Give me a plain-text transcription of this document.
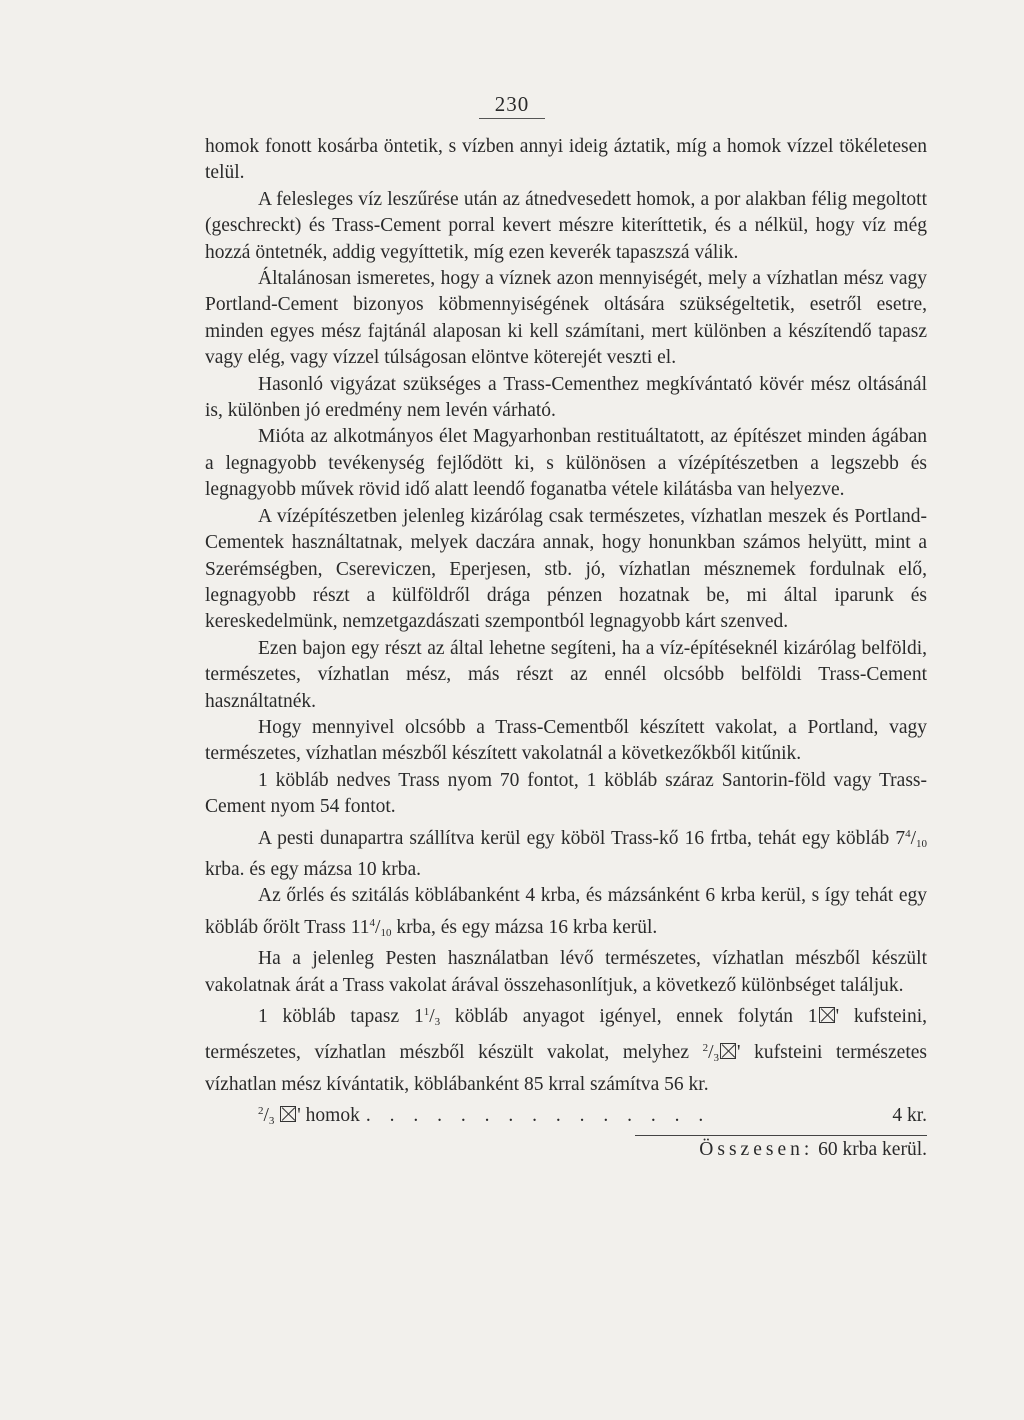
230

homok fonott kosárba öntetik, s vízben annyi ideig áztatik, míg a homok vízzel tökéletesen telül.

A felesleges víz leszűrése után az átnedvesedett homok, a por alakban félig megoltott (geschreckt) és Trass-Cement porral kevert mészre kiteríttetik, és a nélkül, hogy víz még hozzá öntetnék, addig vegyíttetik, míg ezen keverék tapaszszá válik.

Általánosan ismeretes, hogy a víznek azon mennyiségét, mely a vízhatlan mész vagy Portland-Cement bizonyos köbmennyiségének oltására szükségeltetik, esetről esetre, minden egyes mész fajtánál alaposan ki kell számítani, mert különben a készítendő tapasz vagy elég, vagy vízzel túlságosan elöntve köterejét veszti el.

Hasonló vigyázat szükséges a Trass-Cementhez megkívántató kövér mész oltásánál is, különben jó eredmény nem levén várható.

Mióta az alkotmányos élet Magyarhonban restituáltatott, az építészet minden ágában a legnagyobb tevékenység fejlődött ki, s különösen a vízépítészetben a legszebb és legnagyobb művek rövid idő alatt leendő foganatba vétele kilátásba van helyezve.

A vízépítészetben jelenleg kizárólag csak természetes, vízhatlan meszek és Portland-Cementek használtatnak, melyek daczára annak, hogy honunkban számos helyütt, mint a Szerémségben, Csereviczen, Eperjesen, stb. jó, vízhatlan mésznemek fordulnak elő, legnagyobb részt a külföldről drága pénzen hozatnak be, mi által iparunk és kereskedelmünk, nemzetgazdászati szempontból legnagyobb kárt szenved.

Ezen bajon egy részt az által lehetne segíteni, ha a víz-építéseknél kizárólag belföldi, természetes, vízhatlan mész, más részt az ennél olcsóbb belföldi Trass-Cement használtatnék.

Hogy mennyivel olcsóbb a Trass-Cementből készített vakolat, a Portland, vagy természetes, vízhatlan mészből készített vakolatnál a következőkből kitűnik.

1 köbláb nedves Trass nyom 70 fontot, 1 köbláb száraz Santorin-föld vagy Trass-Cement nyom 54 fontot.

A pesti dunapartra szállítva kerül egy köböl Trass-kő 16 frtba, tehát egy köbláb $7^4/_{10}$ krba. és egy mázsa 10 krba.

Az őrlés és szitálás köblábanként 4 krba, és mázsánként 6 krba kerül, s így tehát egy köbláb őrölt Trass $11^4/_{10}$ krba, és egy mázsa 16 krba kerül.

Ha a jelenleg Pesten használatban lévő természetes, vízhatlan mészből készült vakolatnak árát a Trass vakolat árával összehasonlítjuk, a következő különbséget találjuk.

1 köbláb tapasz $1^1/_3$ köbláb anyagot igényel, ennek folytán 1 ' kufsteini, természetes, vízhatlan mészből készült vakolat, melyhez $^2/_3$ ' kufsteini természetes vízhatlan mész kívántatik, köblábanként 85 krral számítva 56 kr.

$^2/_3$ ' homok . . . . . . . . . . . . . . .	4 kr.
Összesen: 60 krba kerül.
